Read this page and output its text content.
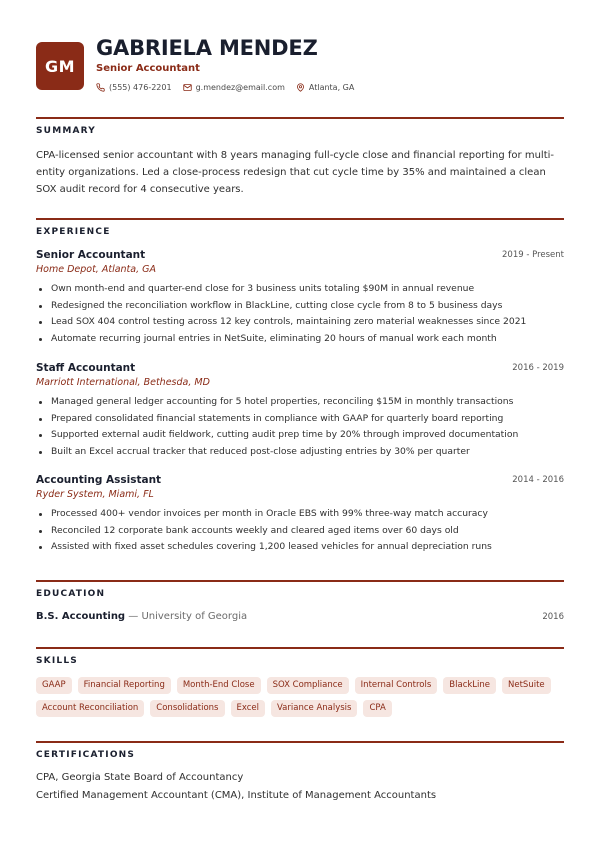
GM
GABRIELA MENDEZ
Senior Accountant
(555) 476-2201	g.mendez@email.com	Atlanta, GA
SUMMARY
CPA-licensed senior accountant with 8 years managing full-cycle close and financial reporting for multi-entity organizations. Led a close-process redesign that cut cycle time by 35% and maintained a clean SOX audit record for 4 consecutive years.
EXPERIENCE
Senior Accountant	2019 - Present
Home Depot, Atlanta, GA
Own month-end and quarter-end close for 3 business units totaling $90M in annual revenue
Redesigned the reconciliation workflow in BlackLine, cutting close cycle from 8 to 5 business days
Lead SOX 404 control testing across 12 key controls, maintaining zero material weaknesses since 2021
Automate recurring journal entries in NetSuite, eliminating 20 hours of manual work each month
Staff Accountant	2016 - 2019
Marriott International, Bethesda, MD
Managed general ledger accounting for 5 hotel properties, reconciling $15M in monthly transactions
Prepared consolidated financial statements in compliance with GAAP for quarterly board reporting
Supported external audit fieldwork, cutting audit prep time by 20% through improved documentation
Built an Excel accrual tracker that reduced post-close adjusting entries by 30% per quarter
Accounting Assistant	2014 - 2016
Ryder System, Miami, FL
Processed 400+ vendor invoices per month in Oracle EBS with 99% three-way match accuracy
Reconciled 12 corporate bank accounts weekly and cleared aged items over 60 days old
Assisted with fixed asset schedules covering 1,200 leased vehicles for annual depreciation runs
EDUCATION
B.S. Accounting — University of Georgia	2016
SKILLS
GAAP	Financial Reporting	Month-End Close	SOX Compliance	Internal Controls	BlackLine	NetSuite
Account Reconciliation	Consolidations	Excel	Variance Analysis	CPA
CERTIFICATIONS
CPA, Georgia State Board of Accountancy
Certified Management Accountant (CMA), Institute of Management Accountants
